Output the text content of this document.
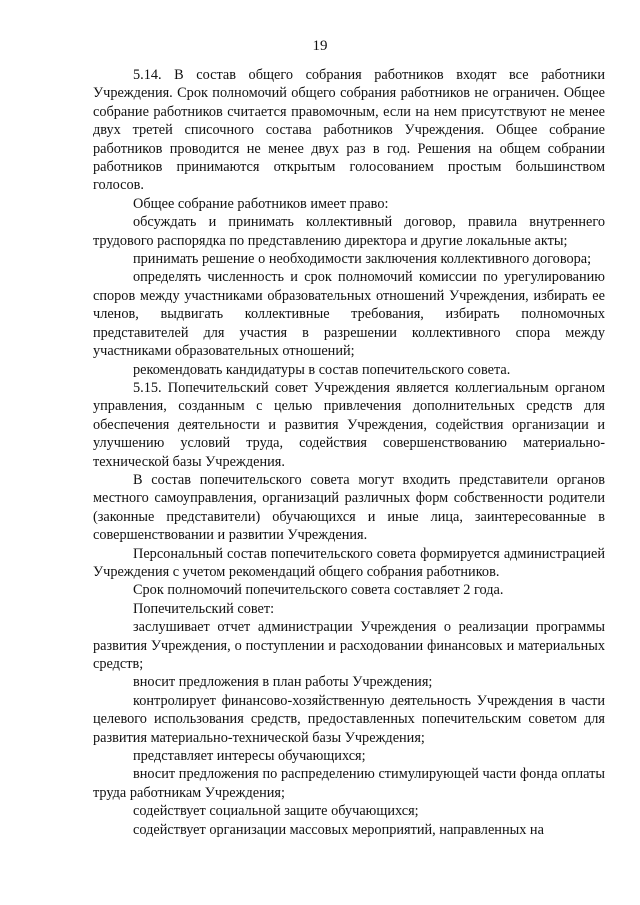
19

5.14. В состав общего собрания работников входят все работники Учреждения. Срок полномочий общего собрания работников не ограничен. Общее собрание работников считается правомочным, если на нем присутствуют не менее двух третей списочного состава работников Учреждения. Общее собрание работников проводится не менее двух раз в год. Решения на общем собрании работников принимаются открытым голосованием простым большинством голосов.

Общее собрание работников имеет право:

обсуждать и принимать коллективный договор, правила внутреннего трудового распорядка по представлению директора и другие локальные акты;

принимать решение о необходимости заключения коллективного договора;

определять численность и срок полномочий комиссии по урегулированию споров между участниками образовательных отношений Учреждения, избирать ее членов, выдвигать коллективные требования, избирать полномочных представителей для участия в разрешении коллективного спора между участниками образовательных отношений;

рекомендовать кандидатуры в состав попечительского совета.

5.15. Попечительский совет Учреждения является коллегиальным органом управления, созданным с целью привлечения дополнительных средств для обеспечения деятельности и развития Учреждения, содействия организации и улучшению условий труда, содействия совершенствованию материально-технической базы Учреждения.

В состав попечительского совета могут входить представители органов местного самоуправления, организаций различных форм собственности родители (законные представители) обучающихся и иные лица, заинтересованные в совершенствовании и развитии Учреждения.

Персональный состав попечительского совета формируется администрацией Учреждения с учетом рекомендаций общего собрания работников.

Срок полномочий попечительского совета составляет 2 года.

Попечительский совет:

заслушивает отчет администрации Учреждения о реализации программы развития Учреждения, о поступлении и расходовании финансовых и материальных средств;

вносит предложения в план работы Учреждения;

контролирует финансово-хозяйственную деятельность Учреждения в части целевого использования средств, предоставленных попечительским советом для развития материально-технической базы Учреждения;

представляет интересы обучающихся;

вносит предложения по распределению стимулирующей части фонда оплаты труда работникам Учреждения;

содействует социальной защите обучающихся;

содействует организации массовых мероприятий, направленных на
